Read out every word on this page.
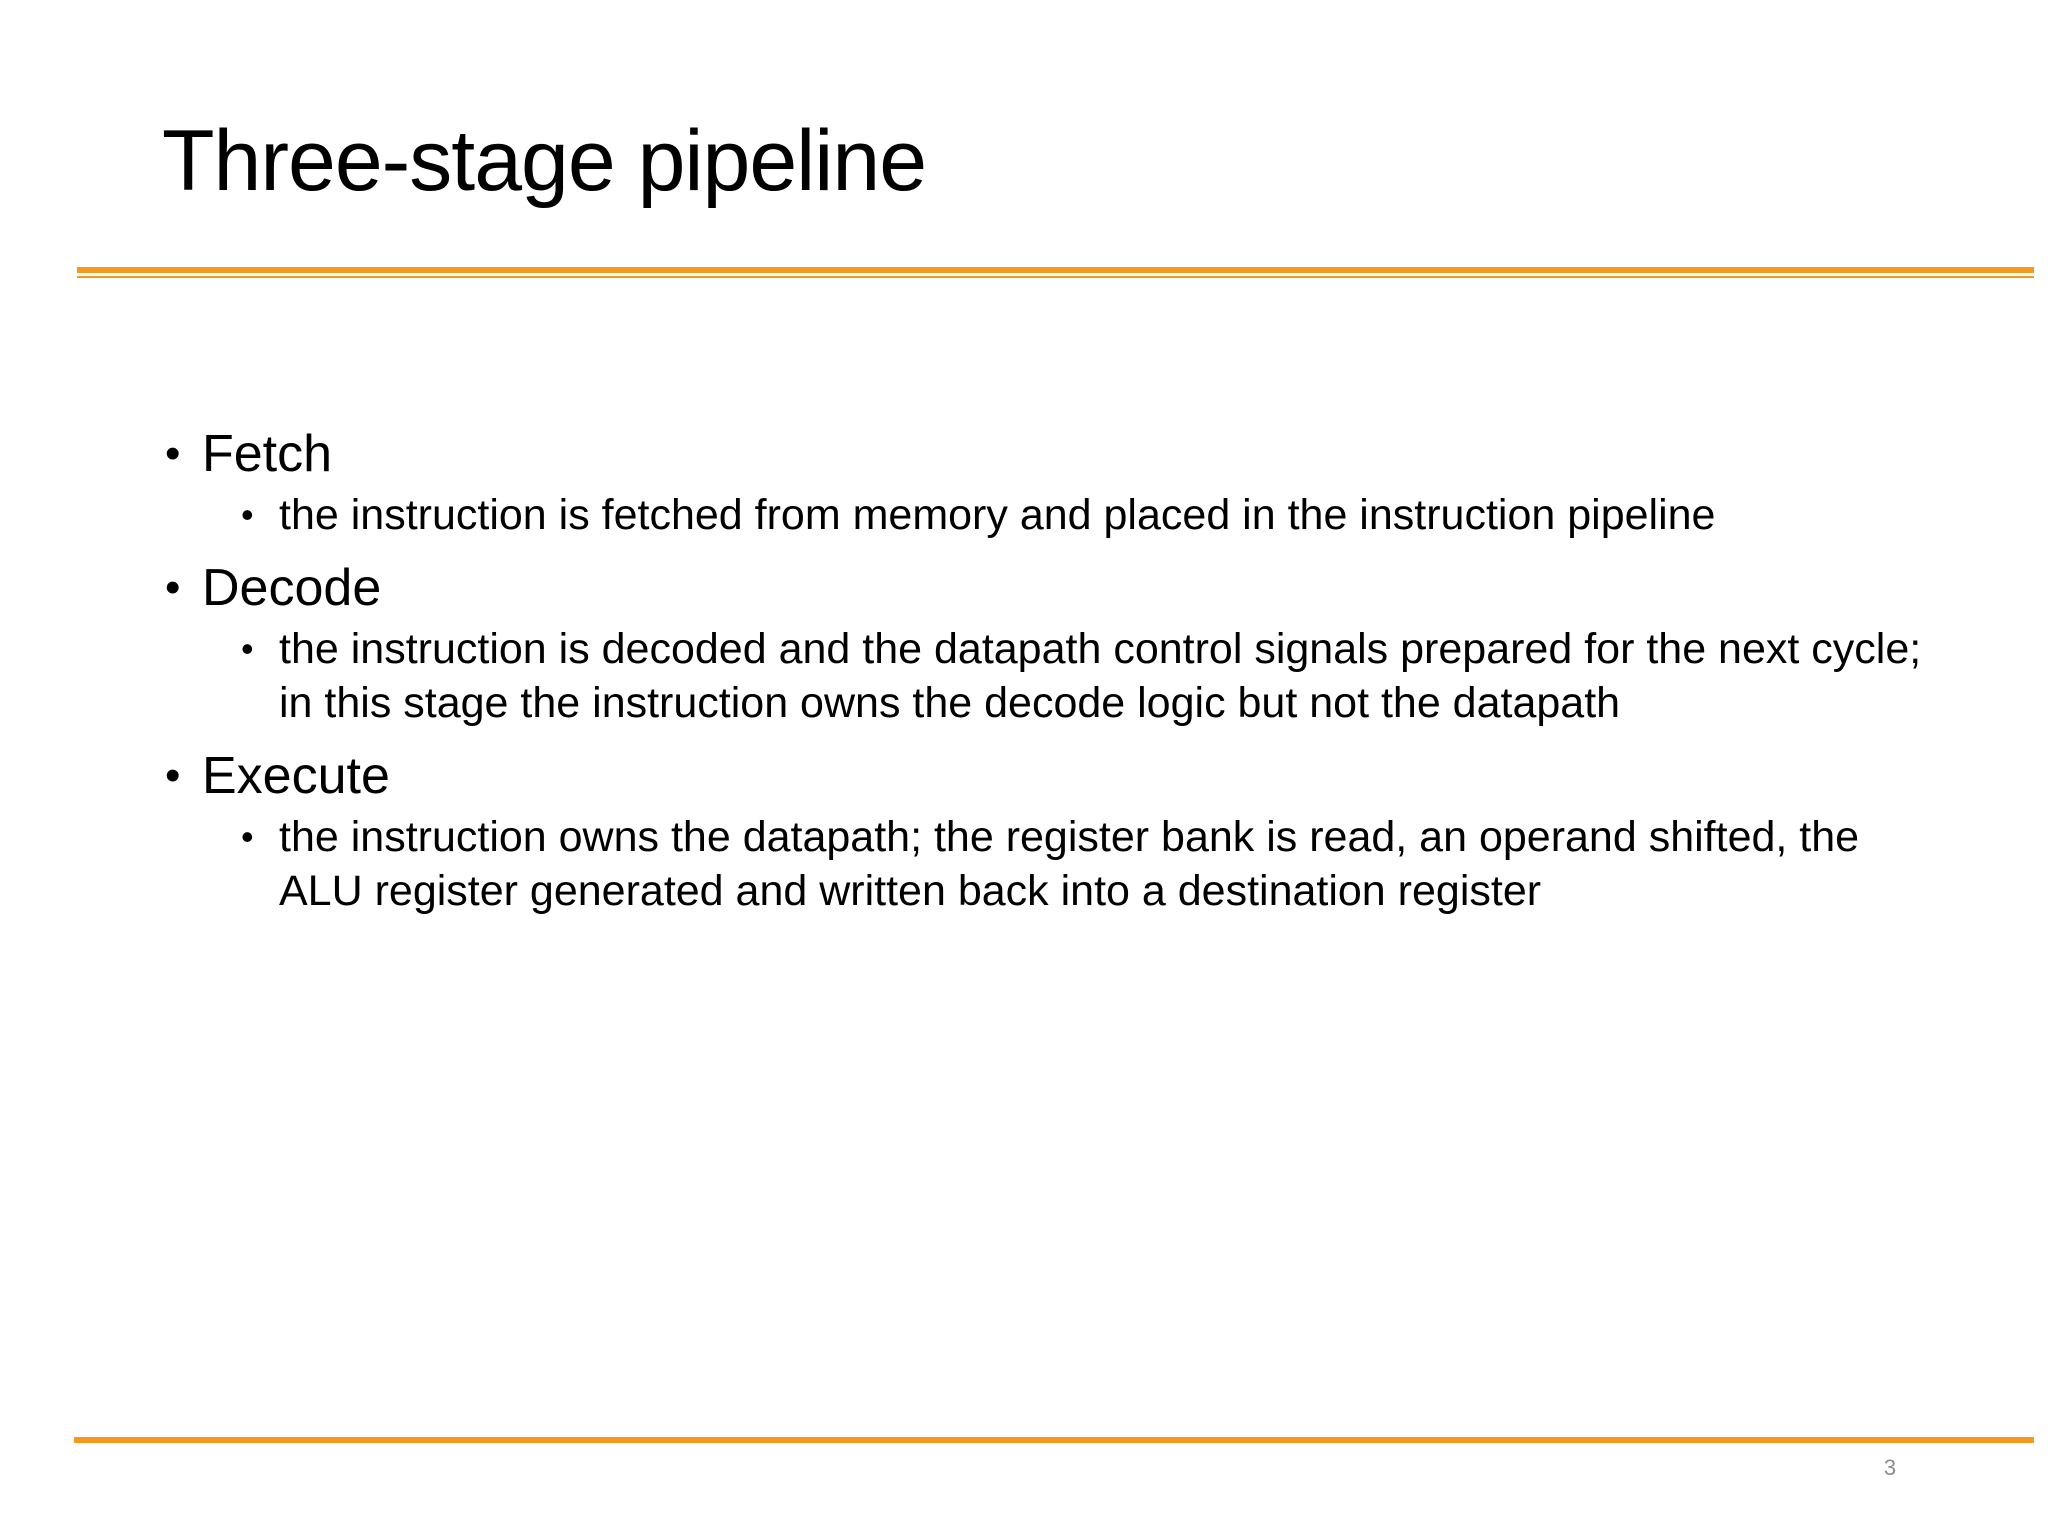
Three-stage pipeline
• Fetch
• the instruction is fetched from memory and placed in the instruction pipeline
• Decode
• the instruction is decoded and the datapath control signals prepared for the next cycle; in this stage the instruction owns the decode logic but not the datapath
• Execute
• the instruction owns the datapath; the register bank is read, an operand shifted, the ALU register generated and written back into a destination register
3
